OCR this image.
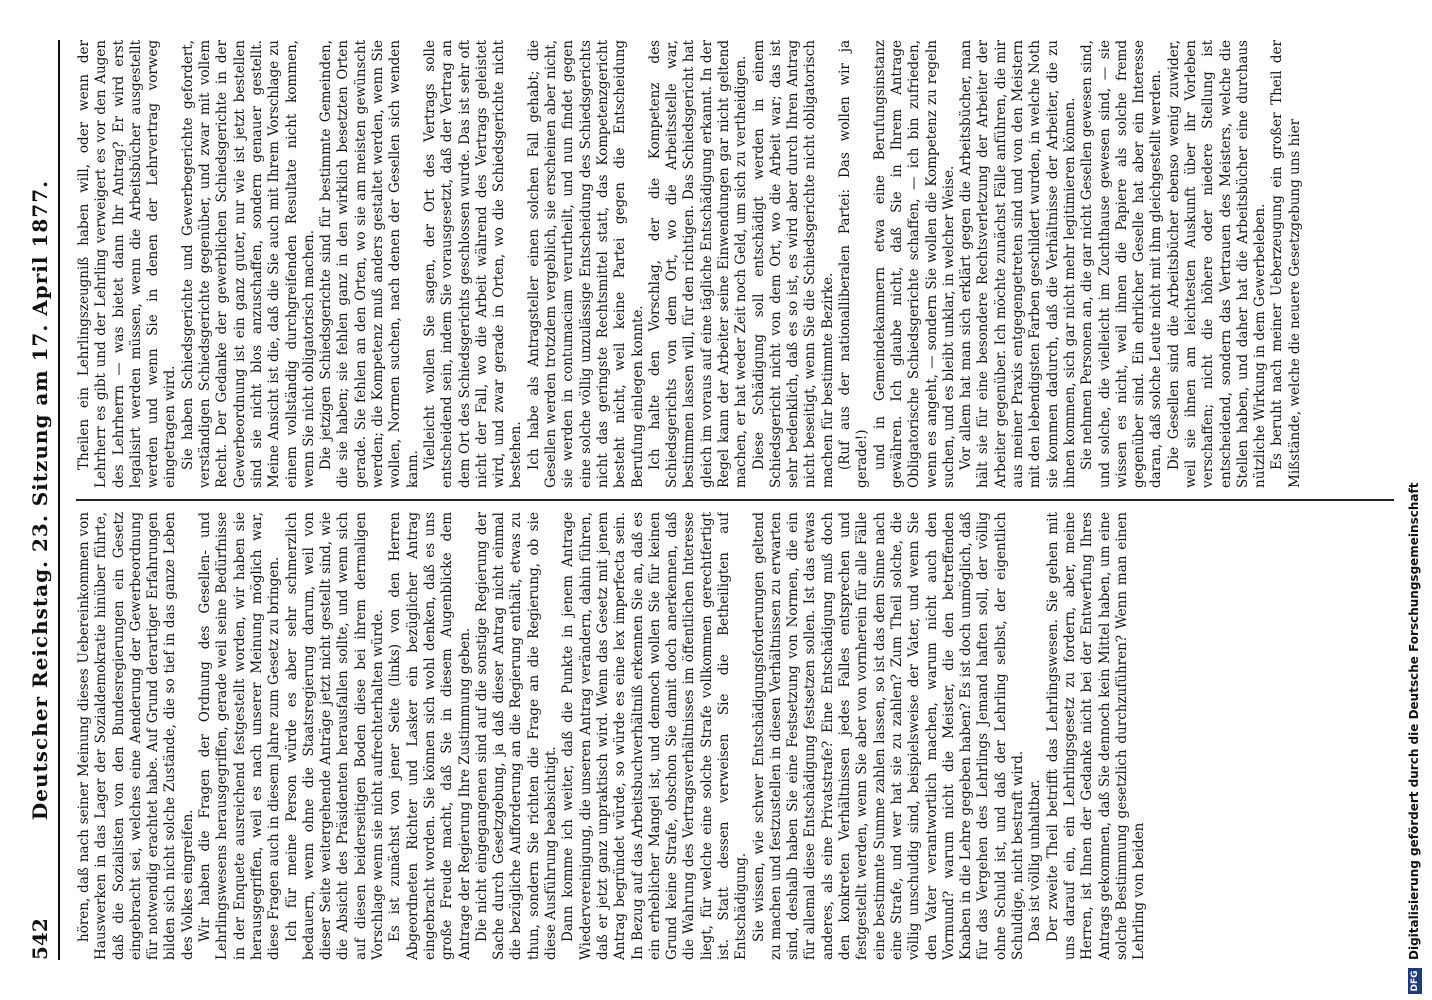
542
Deutscher Reichstag. 23. Sitzung am 17. April 1877. hören, daß nach seiner Meinung dieses Uebereinkommen von Hauswerken in das Lager der Sozialdemokratie hinüber führte, daß die Sozialisten von den Bundesregierungen ein Gesetz eingebracht sei, welches eine Aenderung der Gewerbeordnung für notwendig erachtet habe. Auf Grund derartiger Erfahrungen bilden sich nicht solche Zustände, die so tief in das ganze Leben des Volkes eingreifen. Wir haben die Fragen der Ordnung des Gesellen- und Lehrlingswesens herausgegriffen, gerade weil seine Bedürfnisse in der Enquete ausreichend festgestellt worden, wir haben sie herausgegriffen, weil es nach unserer Meinung möglich war, diese Fragen auch in diesem Jahre zum Gesetz zu bringen. Ich für meine Person würde es aber sehr schmerzlich bedauern, wenn ohne die Staatsregierung darum, weil von dieser Seite weitergehende Anträge jetzt nicht gestellt sind, wie die Absicht des Präsidenten herausfallen sollte, und wenn sich auf diesen beiderseitigen Boden diese bei ihrem dermaligen Vorschlage wenn sie nicht aufrechterhalten würde. Es ist zunächst von jener Seite (links) von den Herren Abgeordneten Richter und Lasker ein bezüglicher Antrag eingebracht worden. Sie können sich wohl denken, daß es uns große Freude macht, daß Sie in diesem Augenblicke dem Antrage der Regierung Ihre Zustimmung geben. Die nicht eingegangenen sind auf die sonstige Regierung der Sache durch Gesetzgebung, ja daß dieser Antrag nicht einmal die bezügliche Aufforderung an die Regierung enthält, etwas zu thun, sondern Sie richten die Frage an die Regierung, ob sie diese Ausführung beabsichtigt. Dann komme ich weiter, daß die Punkte in jenem Antrage Wiedervereinigung, die unseren Antrag verändern, dahin führen, daß er jetzt ganz unpraktisch wird. Wenn das Gesetz mit jenem Antrag begründet würde, so würde es eine lex imperfecta sein. In Bezug auf das Arbeitsbuchverhältniß erkennen Sie an, daß es ein erheblicher Mangel ist, und dennoch wollen Sie für keinen Grund keine Strafe, obschon Sie damit doch anerkennen, daß die Wahrung des Vertragsverhältnisses im öffentlichen Interesse liegt, für welche eine solche Strafe vollkommen gerechtfertigt ist. Statt dessen verweisen Sie die Betheiligten auf Entschädigung. Sie wissen, wie schwer Entschädigungsforderungen geltend zu machen und festzustellen in diesen Verhältnissen zu erwarten sind, deshalb haben Sie eine Festsetzung von Normen, die ein für allemal diese Entschädigung festsetzen sollen. Ist das etwas anderes, als eine Privatstrafe? Eine Entschädigung muß doch den konkreten Verhältnissen jedes Falles entsprechen und festgestellt werden, wenn Sie aber von vornherein für alle Fälle eine bestimmte Summe zahlen lassen, so ist das dem Sinne nach eine Strafe, und wer hat sie zu zahlen? Zum Theil solche, die völlig unschuldig sind, beispielsweise der Vater, und wenn Sie den Vater verantwortlich machen, warum nicht auch den Vormund? warum nicht die Meister, die den betreffenden Knaben in die Lehre gegeben haben? Es ist doch unmöglich, daß für das Vergehen des Lehrlings Jemand haften soll, der völlig ohne Schuld ist, und daß der Lehrling selbst, der eigentlich Schuldige, nicht bestraft wird. Das ist völlig unhaltbar. Der zweite Theil betrifft das Lehrlingswesen. Sie gehen mit uns darauf ein, ein Lehrlingsgesetz zu fordern, aber, meine Herren, ist Ihnen der Gedanke nicht bei der Entwerfung Ihres Antrags gekommen, daß Sie dennoch kein Mittel haben, um eine solche Bestimmung gesetzlich durchzuführen? Wenn man einen Lehrling von beiden

Theilen ein Lehrlingszeugniß haben will, oder wenn der Lehrherr es gibt und der Lehrling verweigert es vor den Augen des Lehrherrn — was bietet dann Ihr Antrag? Er wird erst legalisirt werden müssen, wenn die Arbeitsbücher ausgestellt werden und wenn Sie in denen der Lehrvertrag vorweg eingetragen wird. Sie haben Schiedsgerichte und Gewerbegerichte gefordert, verständigen Schiedsgerichte gegenüber, und zwar mit vollem Recht. Der Gedanke der gewerblichen Schiedsgerichte in der Gewerbeordnung ist ein ganz guter, nur wie ist jetzt bestellen sind sie nicht blos anzuschaffen, sondern genauer gestellt. Meine Ansicht ist die, daß die Sie auch mit Ihrem Vorschlage zu einem vollständig durchgreifenden Resultate nicht kommen, wenn Sie nicht obligatorisch machen. Die jetzigen Schiedsgerichte sind für bestimmte Gemeinden, die sie haben; sie fehlen ganz in den wirklich besetzten Orten gerade. Sie fehlen an den Orten, wo sie am meisten gewünscht werden; die Kompetenz muß anders gestaltet werden, wenn Sie wollen, Normen suchen, nach denen der Gesellen sich wenden kann. Vielleicht wollen Sie sagen, der Ort des Vertrags solle entscheidend sein, indem Sie vorausgesetzt, daß der Vertrag an dem Ort des Schiedsgerichts geschlossen wurde. Das ist sehr oft nicht der Fall, wo die Arbeit während des Vertrags geleistet wird, und zwar gerade in Orten, wo die Schiedsgerichte nicht bestehen. Ich habe als Antragsteller einen solchen Fall gehabt; die Gesellen werden trotzdem vergeblich, sie erscheinen aber nicht, sie werden in contumaciam verurtheilt, und nun findet gegen eine solche völlig unzulässige Entscheidung des Schiedsgerichts nicht das geringste Rechtsmittel statt, das Kompetenzgericht besteht nicht, weil keine Partei gegen die Entscheidung Berufung einlegen konnte. Ich halte den Vorschlag, der die Kompetenz des Schiedsgerichts von dem Ort, wo die Arbeitsstelle war, bestimmen lassen will, für den richtigen. Das Schiedsgericht hat gleich im voraus auf eine tägliche Entschädigung erkannt. In der Regel kann der Arbeiter seine Einwendungen gar nicht geltend machen, er hat weder Zeit noch Geld, um sich zu vertheidigen. Diese Schädigung soll entschädigt werden in einem Schiedsgericht nicht von dem Ort, wo die Arbeit war; das ist sehr bedenklich, daß es so ist, es wird aber durch Ihren Antrag nicht beseitigt, wenn Sie die Schiedsgerichte nicht obligatorisch machen für bestimmte Bezirke. (Ruf aus der nationalliberalen Partei: Das wollen wir ja gerade!) und in Gemeindekammern etwa eine Berufungsinstanz gewähren. Ich glaube nicht, daß Sie in Ihrem Antrage Obligatorische Schiedsgerichte schaffen, — ich bin zufrieden, wenn es angeht, — sondern Sie wollen die Kompetenz zu regeln suchen, und es bleibt unklar, in welcher Weise. Vor allem hat man sich erklärt gegen die Arbeitsbücher, man hält sie für eine besondere Rechtsverletzung der Arbeiter der Arbeiter gegenüber. Ich möchte zunächst Fälle anführen, die mir aus meiner Praxis entgegengetreten sind und von den Meistern mit den lebendigsten Farben geschildert wurden, in welche Noth sie kommen dadurch, daß die Verhältnisse der Arbeiter, die zu ihnen kommen, sich gar nicht mehr legitimieren können. Sie nehmen Personen an, die gar nicht Gesellen gewesen sind, und solche, die vielleicht im Zuchthause gewesen sind, — sie wissen es nicht, weil ihnen die Papiere als solche fremd gegenüber sind. Ein ehrlicher Geselle hat aber ein Interesse daran, daß solche Leute nicht mit ihm gleichgestellt werden. Die Gesellen sind die Arbeitsbücher ebenso wenig zuwider, weil sie ihnen am leichtesten Auskunft über ihr Vorleben verschaffen; nicht die höhere oder niedere Stellung ist entscheidend, sondern das Vertrauen des Meisters, welche die Stellen haben, und daher hat die Arbeitsbücher eine durchaus nützliche Wirkung in dem Gewerbeleben. Es beruht nach meiner Ueberzeugung ein großer Theil der Mißstände, welche die neuere Gesetzgebung uns hier

DFG
Digitalisierung gefördert durch die Deutsche Forschungsgemeinschaft
